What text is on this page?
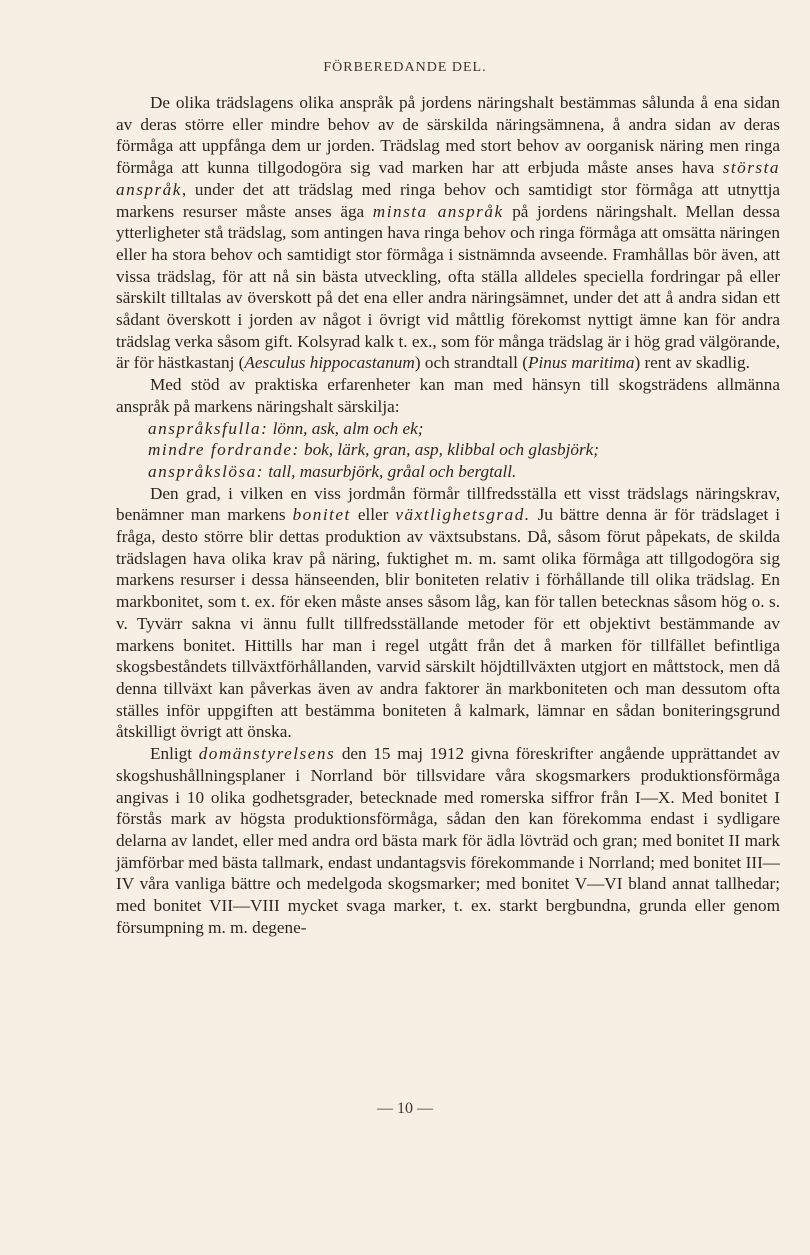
FÖRBEREDANDE DEL.

De olika trädslagens olika anspråk på jordens näringshalt bestämmas sålunda å ena sidan av deras större eller mindre behov av de särskilda näringsämnena, å andra sidan av deras förmåga att uppfånga dem ur jorden. Trädslag med stort behov av oorganisk näring men ringa förmåga att kunna tillgodogöra sig vad marken har att erbjuda måste anses hava största anspråk, under det att trädslag med ringa behov och samtidigt stor förmåga att utnyttja markens resurser måste anses äga minsta anspråk på jordens näringshalt. Mellan dessa ytterligheter stå trädslag, som antingen hava ringa behov och ringa förmåga att omsätta näringen eller ha stora behov och samtidigt stor förmåga i sistnämnda avseende. Framhållas bör även, att vissa trädslag, för att nå sin bästa utveckling, ofta ställa alldeles speciella fordringar på eller särskilt tilltalas av överskott på det ena eller andra näringsämnet, under det att å andra sidan ett sådant överskott i jorden av något i övrigt vid måttlig förekomst nyttigt ämne kan för andra trädslag verka såsom gift. Kolsyrad kalk t. ex., som för många trädslag är i hög grad välgörande, är för hästkastanj (Aesculus hippocastanum) och strandtall (Pinus maritima) rent av skadlig.

Med stöd av praktiska erfarenheter kan man med hänsyn till skogsträdens allmänna anspråk på markens näringshalt särskilja:

anspråksfulla: lönn, ask, alm och ek;

mindre fordrande: bok, lärk, gran, asp, klibbal och glasbjörk;

anspråkslösa: tall, masurbjörk, gråal och bergtall.

Den grad, i vilken en viss jordmån förmår tillfredsställa ett visst trädslags näringskrav, benämner man markens bonitet eller växtlighetsgrad. Ju bättre denna är för trädslaget i fråga, desto större blir dettas produktion av växtsubstans. Då, såsom förut påpekats, de skilda trädslagen hava olika krav på näring, fuktighet m. m. samt olika förmåga att tillgodogöra sig markens resurser i dessa hänseenden, blir boniteten relativ i förhållande till olika trädslag. En markbonitet, som t. ex. för eken måste anses såsom låg, kan för tallen betecknas såsom hög o. s. v. Tyvärr sakna vi ännu fullt tillfredsställande metoder för ett objektivt bestämmande av markens bonitet. Hittills har man i regel utgått från det å marken för tillfället befintliga skogsbeståndets tillväxtförhållanden, varvid särskilt höjdtillväxten utgjort en måttstock, men då denna tillväxt kan påverkas även av andra faktorer än markboniteten och man dessutom ofta ställes inför uppgiften att bestämma boniteten å kalmark, lämnar en sådan boniteringsgrund åtskilligt övrigt att önska.

Enligt domänstyrelsens den 15 maj 1912 givna föreskrifter angående upprättandet av skogshushållningsplaner i Norrland bör tillsvidare våra skogsmarkers produktionsförmåga angivas i 10 olika godhetsgrader, betecknade med romerska siffror från I—X. Med bonitet I förstås mark av högsta produktionsförmåga, sådan den kan förekomma endast i sydligare delarna av landet, eller med andra ord bästa mark för ädla lövträd och gran; med bonitet II mark jämförbar med bästa tallmark, endast undantagsvis förekommande i Norrland; med bonitet III—IV våra vanliga bättre och medelgoda skogsmarker; med bonitet V—VI bland annat tallhedar; med bonitet VII—VIII mycket svaga marker, t. ex. starkt bergbundna, grunda eller genom försumpning m. m. degene-

— 10 —
